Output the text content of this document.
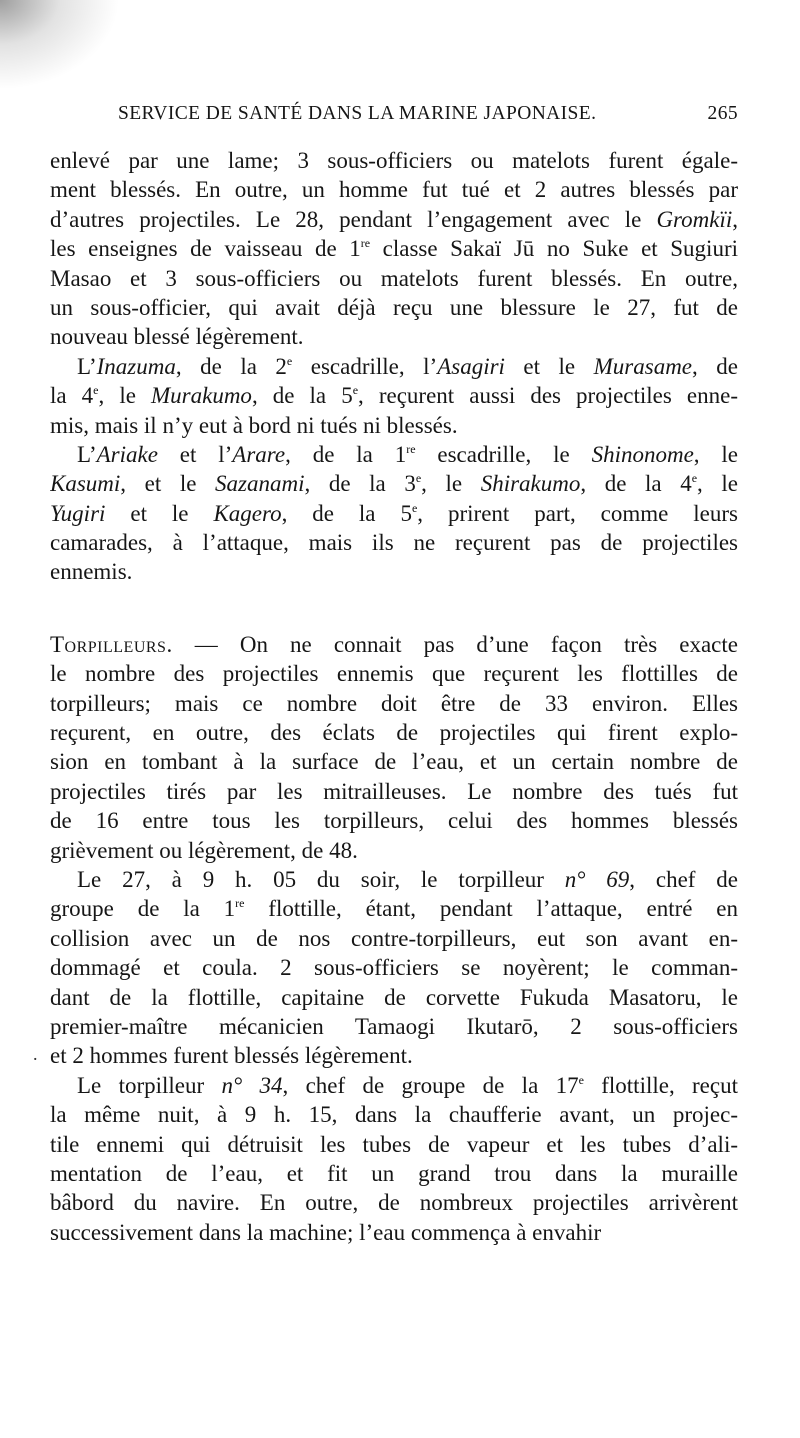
SERVICE DE SANTÉ DANS LA MARINE JAPONAISE.	265
.
enlevé par une lame; 3 sous-officiers ou matelots furent égale-
ment blessés. En outre, un homme fut tué et 2 autres blessés par
d’autres projectiles. Le 28, pendant l’engagement avec le Gromkïi,
les enseignes de vaisseau de 1re classe Sakaï Jū no Suke et Sugiuri
Masao et 3 sous-officiers ou matelots furent blessés. En outre,
un sous-officier, qui avait déjà reçu une blessure le 27, fut de
nouveau blessé légèrement.
L’Inazuma, de la 2e escadrille, l’Asagiri et le Murasame, de
la 4e, le Murakumo, de la 5e, reçurent aussi des projectiles enne-
mis, mais il n’y eut à bord ni tués ni blessés.
L’Ariake et l’Arare, de la 1re escadrille, le Shinonome, le
Kasumi, et le Sazanami, de la 3e, le Shirakumo, de la 4e, le
Yugiri et le Kagero, de la 5e, prirent part, comme leurs
camarades, à l’attaque, mais ils ne reçurent pas de projectiles
ennemis.
Torpilleurs. — On ne connait pas d’une façon très exacte
le nombre des projectiles ennemis que reçurent les flottilles de
torpilleurs; mais ce nombre doit être de 33 environ. Elles
reçurent, en outre, des éclats de projectiles qui firent explo-
sion en tombant à la surface de l’eau, et un certain nombre de
projectiles tirés par les mitrailleuses. Le nombre des tués fut
de 16 entre tous les torpilleurs, celui des hommes blessés
grièvement ou légèrement, de 48.
Le 27, à 9 h. 05 du soir, le torpilleur n° 69, chef de
groupe de la 1re flottille, étant, pendant l’attaque, entré en
collision avec un de nos contre-torpilleurs, eut son avant en-
dommagé et coula. 2 sous-officiers se noyèrent; le comman-
dant de la flottille, capitaine de corvette Fukuda Masatoru, le
premier-maître mécanicien Tamaogi Ikutarō, 2 sous-officiers
et 2 hommes furent blessés légèrement.
Le torpilleur n° 34, chef de groupe de la 17e flottille, reçut
la même nuit, à 9 h. 15, dans la chaufferie avant, un projec-
tile ennemi qui détruisit les tubes de vapeur et les tubes d’ali-
mentation de l’eau, et fit un grand trou dans la muraille
bâbord du navire. En outre, de nombreux projectiles arrivèrent
successivement dans la machine; l’eau commença à envahir
